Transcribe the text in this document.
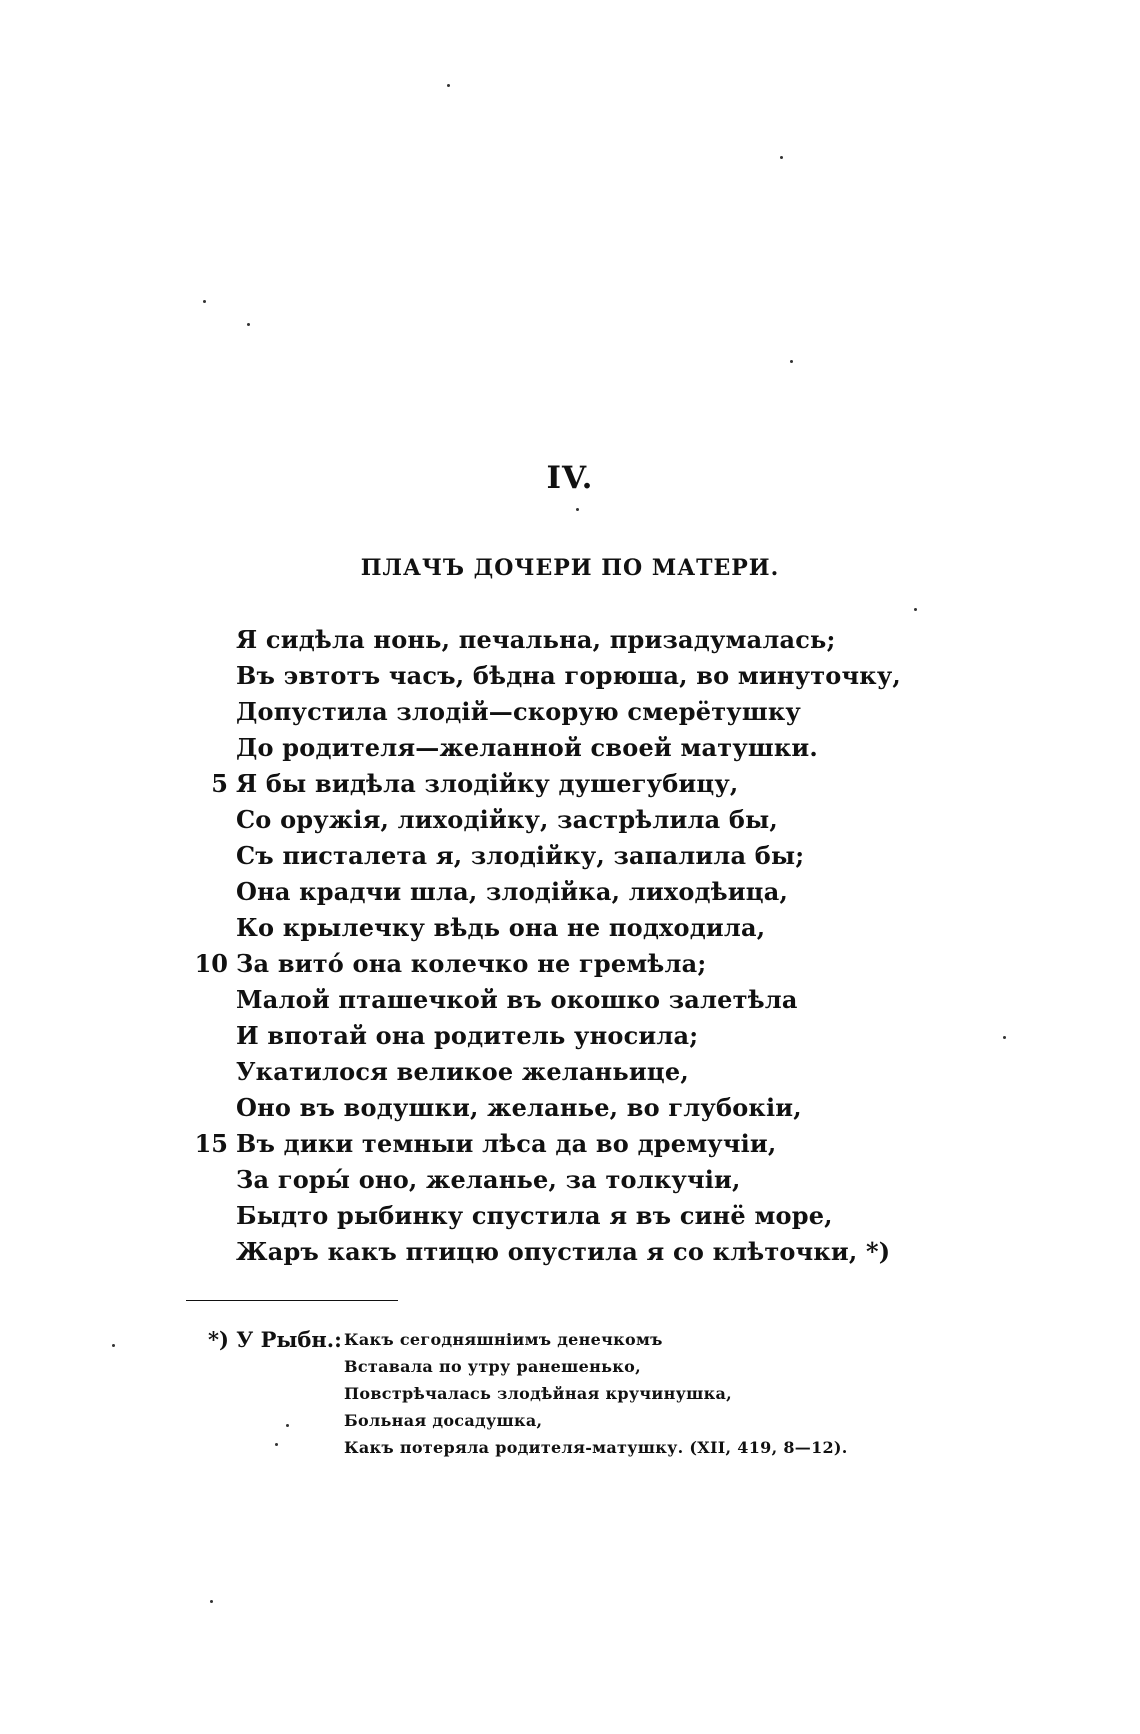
IV.
ПЛАЧЪ ДОЧЕРИ ПО МАТЕРИ.
Я сидѣла нонь, печальна, призадумалась;
Въ эвтотъ часъ, бѣдна горюша, во минуточку,
Допустила злодій—скорую смерётушку
До родителя—желанной своей матушки.
5 Я бы видѣла злодійку душегубицу,
Со оружія, лиходійку, застрѣлила бы,
Съ писталета я, злодійку, запалила бы;
Она крадчи шла, злодійка, лиходѣица,
Ко крылечку вѣдь она не подходила,
10 За витó она колечко не гремѣла;
Малой пташечкой въ окошко залетѣла
И впотай она родитель уносила;
Укатилося великое желаньице,
Оно въ водушки, желанье, во глубокіи,
15 Въ дики темныи лѣса да во дремучіи,
За горы́ оно, желанье, за толкучіи,
Быдто рыбинку спустила я въ синё море,
Жаръ какъ птицю опустила я со клѣточки, *)
*) У Рыбн.: Какъ сегодняшніимъ денечкомъ
Вставала по утру ранешенько,
Повстрѣчалась злодѣйная кручинушка,
Больная досадушка,
Какъ потеряла родителя-матушку. (XII, 419, 8—12).
